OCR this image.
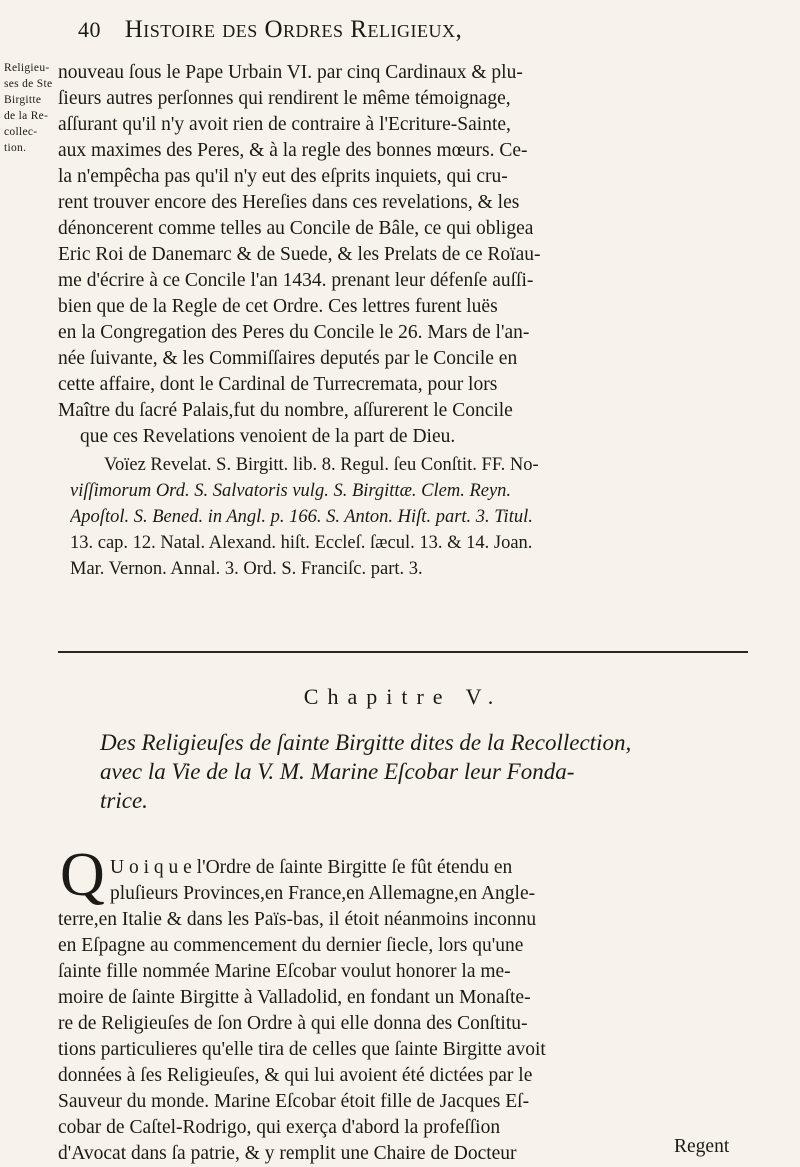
40 Histoire des Ordres Religieux,
Religieu-
ses de Ste
Birgitte
de la Re-
collec-
tion.
nouveau ſous le Pape Urbain VI. par cinq Cardinaux & plu-
ſieurs autres perſonnes qui rendirent le même témoignage,
aſſurant qu'il n'y avoit rien de contraire à l'Ecriture-Sainte,
aux maximes des Peres, & à la regle des bonnes mœurs. Ce-
la n'empêcha pas qu'il n'y eut des eſprits inquiets, qui cru-
rent trouver encore des Hereſies dans ces revelations, & les
dénoncerent comme telles au Concile de Bâle, ce qui obligea
Eric Roi de Danemarc & de Suede, & les Prelats de ce Roïau-
me d'écrire à ce Concile l'an 1434. prenant leur défenſe auſſi-
bien que de la Regle de cet Ordre. Ces lettres furent luës
en la Congregation des Peres du Concile le 26. Mars de l'an-
née ſuivante, & les Commiſſaires deputés par le Concile en
cette affaire, dont le Cardinal de Turrecremata, pour lors
Maître du ſacré Palais,fut du nombre, aſſurerent le Concile
que ces Revelations venoient de la part de Dieu.
Voïez Revelat. S. Birgitt. lib. 8. Regul. ſeu Conſtit. FF. No-
viſſimorum Ord. S. Salvatoris vulg. S. Birgittæ. Clem. Reyn.
Apoſtol. S. Bened. in Angl. p. 166. S. Anton. Hiſt. part. 3. Titul.
13. cap. 12. Natal. Alexand. hiſt. Eccleſ. ſæcul. 13. & 14. Joan.
Mar. Vernon. Annal. 3. Ord. S. Franciſc. part. 3.
Chapitre V.
Des Religieuſes de ſainte Birgitte dites de la Recollection,
avec la Vie de la V. M. Marine Eſcobar leur Fonda-
trice.
Q U o i q u e l'Ordre de ſainte Birgitte ſe fût étendu en
pluſieurs Provinces,en France,en Allemagne,en Angle-
terre,en Italie & dans les Païs-bas, il étoit néanmoins inconnu
en Eſpagne au commencement du dernier ſiecle, lors qu'une
ſainte fille nommée Marine Eſcobar voulut honorer la me-
moire de ſainte Birgitte à Valladolid, en fondant un Monaſte-
re de Religieuſes de ſon Ordre à qui elle donna des Conſtitu-
tions particulieres qu'elle tira de celles que ſainte Birgitte avoit
données à ſes Religieuſes, & qui lui avoient été dictées par le
Sauveur du monde. Marine Eſcobar étoit fille de Jacques Eſ-
cobar de Caſtel-Rodrigo, qui exerça d'abord la profeſſion
d'Avocat dans ſa patrie, & y remplit une Chaire de Docteur	Regent
